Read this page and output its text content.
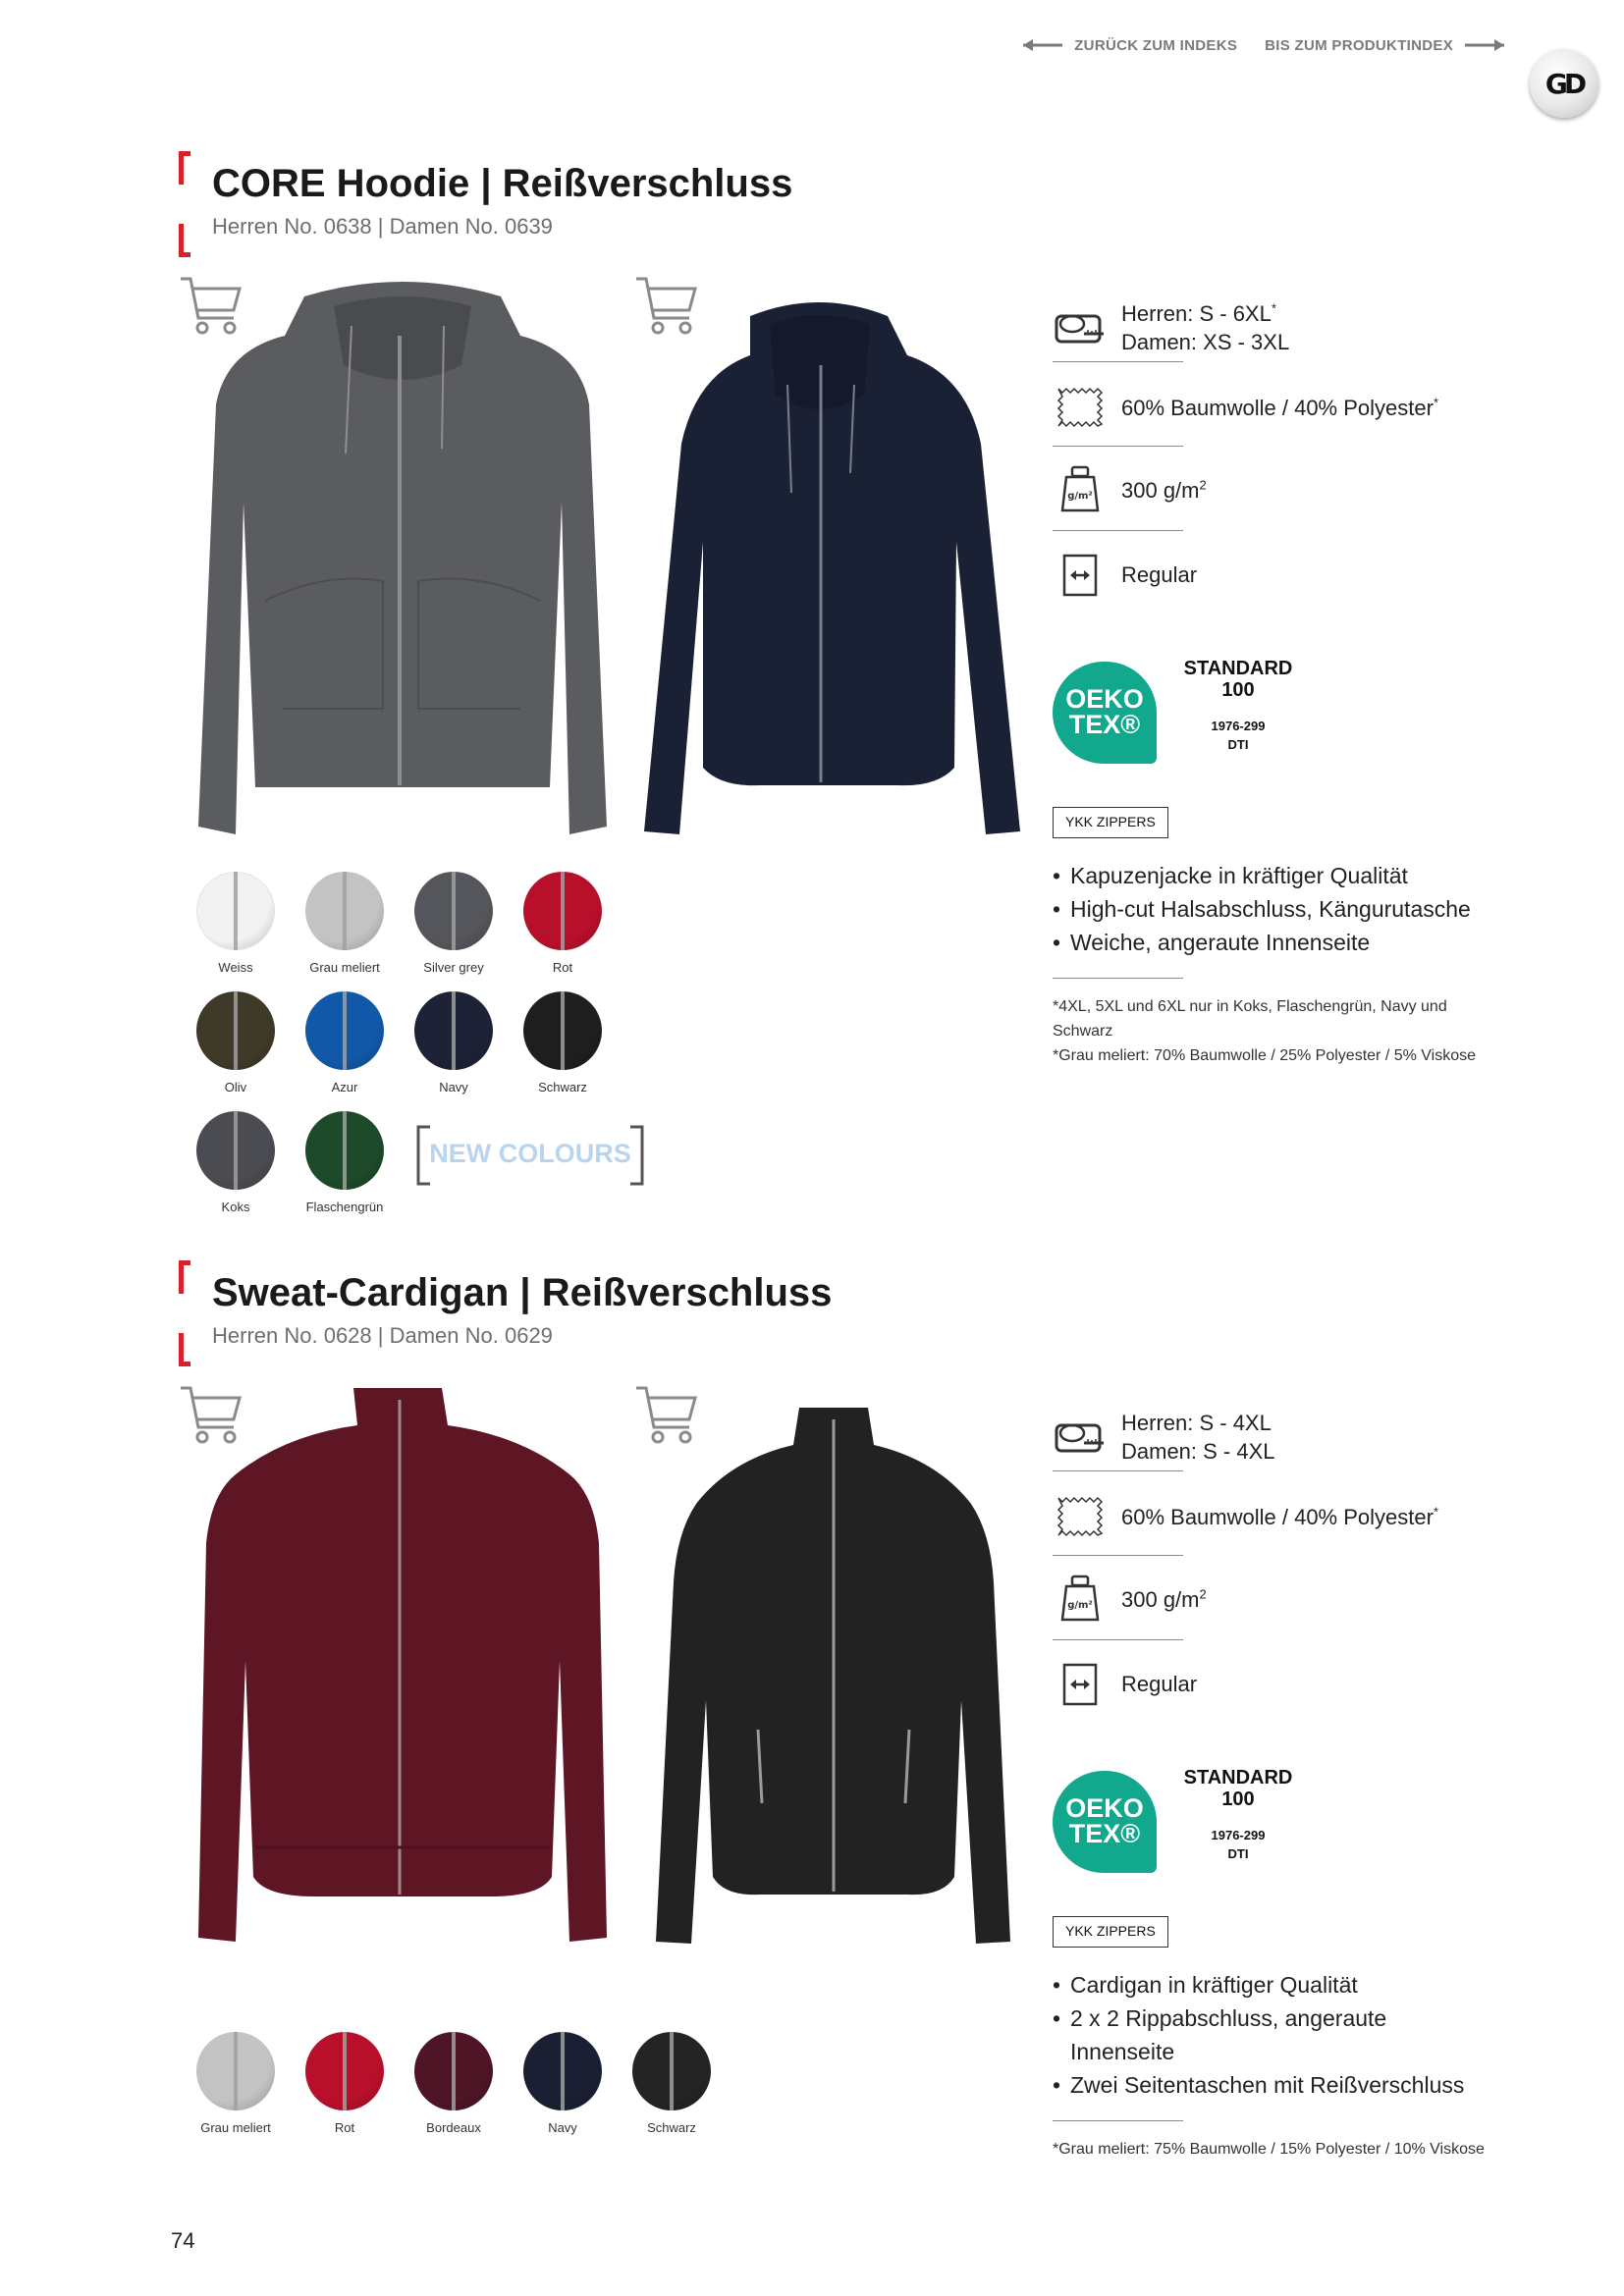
ZURÜCK ZUM INDEKS BIS ZUM PRODUKTINDEX
GD
CORE Hoodie | Reißverschluss
Herren No. 0638 | Damen No. 0639
Weiss	Grau meliert	Silver grey	Rot
Oliv	Azur	Navy	Schwarz
Koks	Flaschengrün
NEW COLOURS
Herren: S - 6XL*
Damen: XS - 3XL
60% Baumwolle / 40% Polyester*
g/m² 300 $g/m^2$
Regular
OEKO
TEX®
STANDARD
100
1976-299
DTI
YKK ZIPPERS
• Kapuzenjacke in kräftiger Qualität
• High-cut Halsabschluss, Kängurutasche
• Weiche, angeraute Innenseite
*4XL, 5XL und 6XL nur in Koks, Flaschengrün, Navy und Schwarz
*Grau meliert: 70% Baumwolle / 25% Polyester / 5% Viskose
Sweat-Cardigan | Reißverschluss
Herren No. 0628 | Damen No. 0629
Grau meliert	Rot	Bordeaux	Navy	Schwarz
Herren: S - 4XL
Damen: S - 4XL
60% Baumwolle / 40% Polyester*
g/m² 300 $g/m^2$
Regular
OEKO
TEX®
STANDARD
100
1976-299
DTI
YKK ZIPPERS
• Cardigan in kräftiger Qualität
• 2 x 2 Rippabschluss, angeraute Innenseite
• Zwei Seitentaschen mit Reißverschluss
*Grau meliert: 75% Baumwolle / 15% Polyester / 10% Viskose
74
